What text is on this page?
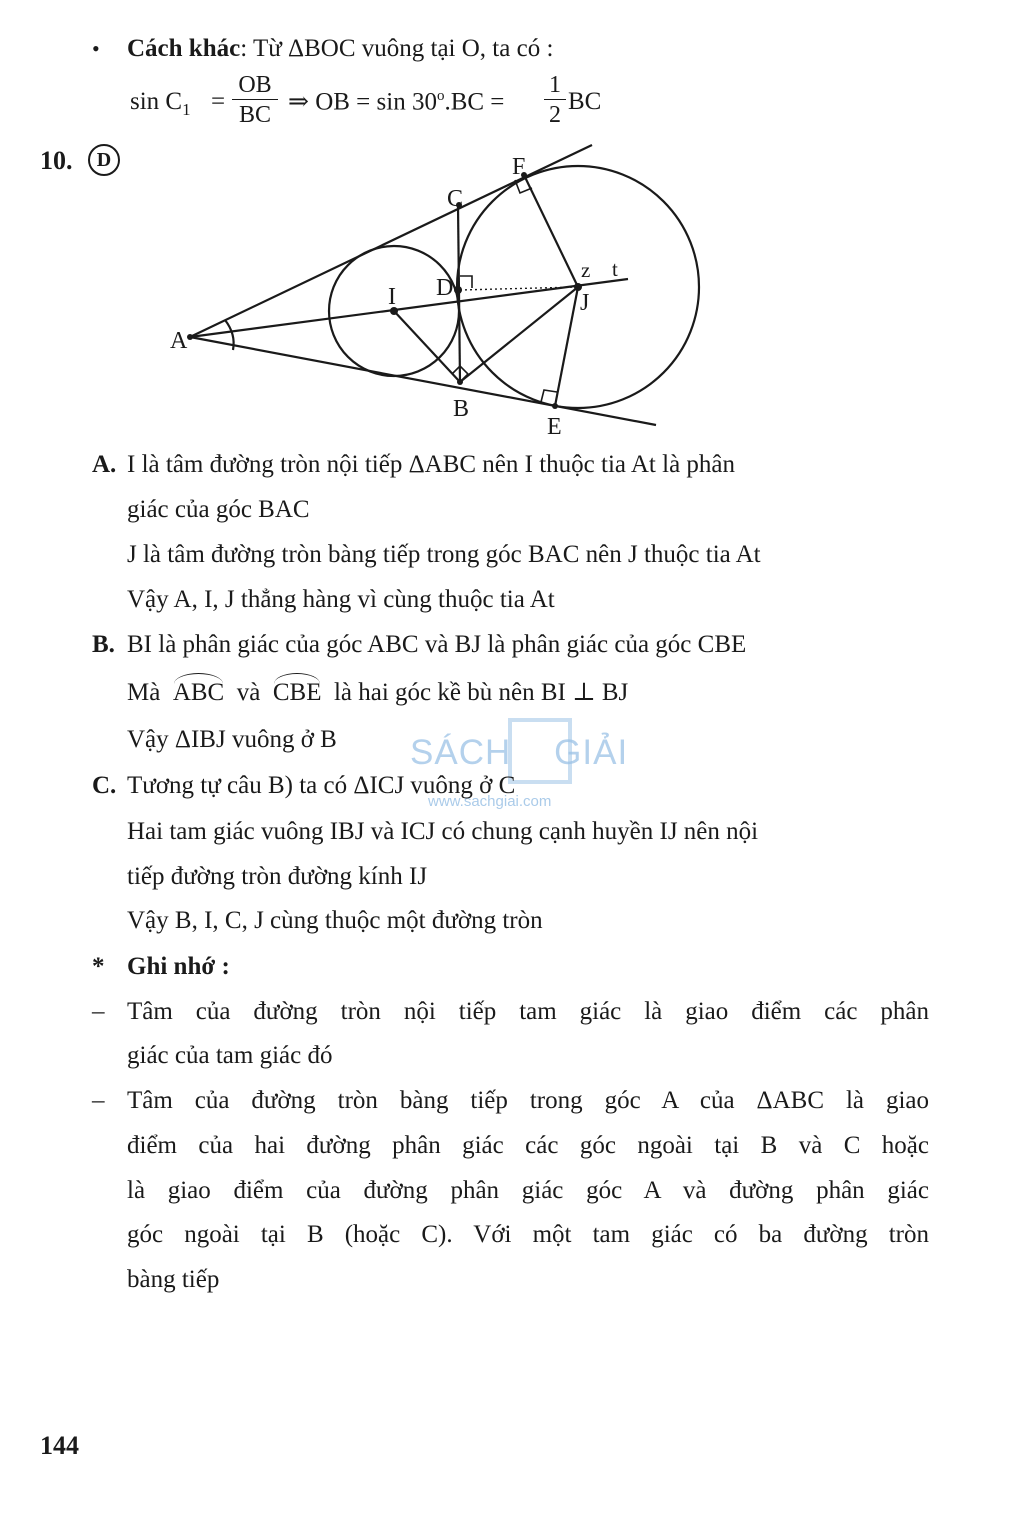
• Cách khác: Từ ΔBOC vuông tại O, ta có :
$\sin C_1 = \frac{OB}{BC}$ ⇒ OB = $\sin 30^o.BC = \frac{1}{2}$ BC
10.	D
A
B
C
D
E
F
I	J
z t
A. I là tâm đường tròn nội tiếp ΔABC nên I thuộc tia At là phân
giác của góc BAC
J là tâm đường tròn bàng tiếp trong góc BAC nên J thuộc tia At
Vậy A, I, J thẳng hàng vì cùng thuộc tia At
B. BI là phân giác của góc ABC và BJ là phân giác của góc CBE
Mà ABC và CBE là hai góc kề bù nên BI ⊥ BJ
Vậy ΔIBJ vuông ở B SÁCH GIẢI
www.sachgiai.com
C. Tương tự câu B) ta có ΔICJ vuông ở C
Hai tam giác vuông IBJ và ICJ có chung cạnh huyền IJ nên nội
tiếp đường tròn đường kính IJ
Vậy B, I, C, J cùng thuộc một đường tròn
* Ghi nhớ :
– Tâm của đường tròn nội tiếp tam giác là giao điểm các phân
giác của tam giác đó
– Tâm của đường tròn bàng tiếp trong góc A của ΔABC là giao
điểm của hai đường phân giác các góc ngoài tại B và C hoặc
là giao điểm của đường phân giác góc A và đường phân giác
góc ngoài tại B (hoặc C). Với một tam giác có ba đường tròn
bàng tiếp
144
